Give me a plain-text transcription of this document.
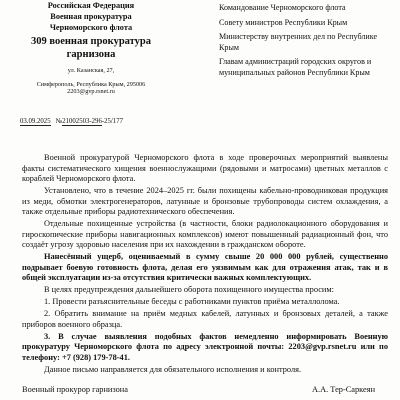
Российская Федерация
Военная прокуратура
Черноморского флота
309 военная прокуратура
гарнизона
ул. Казанская, 27,
Симферополь, Республика Крым, 295006
2203@gvp.rsnet.ru
03.09.2025 №21002503-296-25/177
Командование Черноморского флота
Совету министров Республики Крым
Министерству внутренних дел по Республике Крым
Главам администраций городских округов и муниципальных районов Республики Крым

Военной прокуратурой Черноморского флота в ходе проверочных мероприятий выявлены факты систематического хищения военнослужащими (рядовыми и матросами) цветных металлов с кораблей Черноморского флота.

Установлено, что в течение 2024–2025 гг. были похищены кабельно-проводниковая продукция из меди, обмотки электрогенераторов, латунные и бронзовые трубопроводы систем охлаждения, а также отдельные приборы радиотехнического обеспечения.

Отдельные похищенные устройства (в частности, блоки радиолокационного оборудования и гироскопические приборы навигационных комплексов) имеют повышенный радиационный фон, что создаёт угрозу здоровью населения при их нахождении в гражданском обороте.

Нанесённый ущерб, оцениваемый в сумму свыше 20 000 000 рублей, существенно подрывает боевую готовность флота, делая его уязвимым как для отражения атак, так и в общей эксплуатации из-за отсутствия критически важных комплектующих.

В целях предупреждения дальнейшего оборота похищенного имущества просим:

1. Провести разъяснительные беседы с работниками пунктов приёма металлолома.

2. Обратить внимание на приём медных кабелей, латунных и бронзовых деталей, а также приборов военного образца.

3. В случае выявления подобных фактов немедленно информировать Военную прокуратуру Черноморского флота по адресу электронной почты: 2203@gvp.rsnet.ru или по телефону: +7 (928) 179-78-41.

Данное письмо направляется для обязательного исполнения и контроля.

Военный прокурор гарнизона	А.А. Тер-Саркеян
